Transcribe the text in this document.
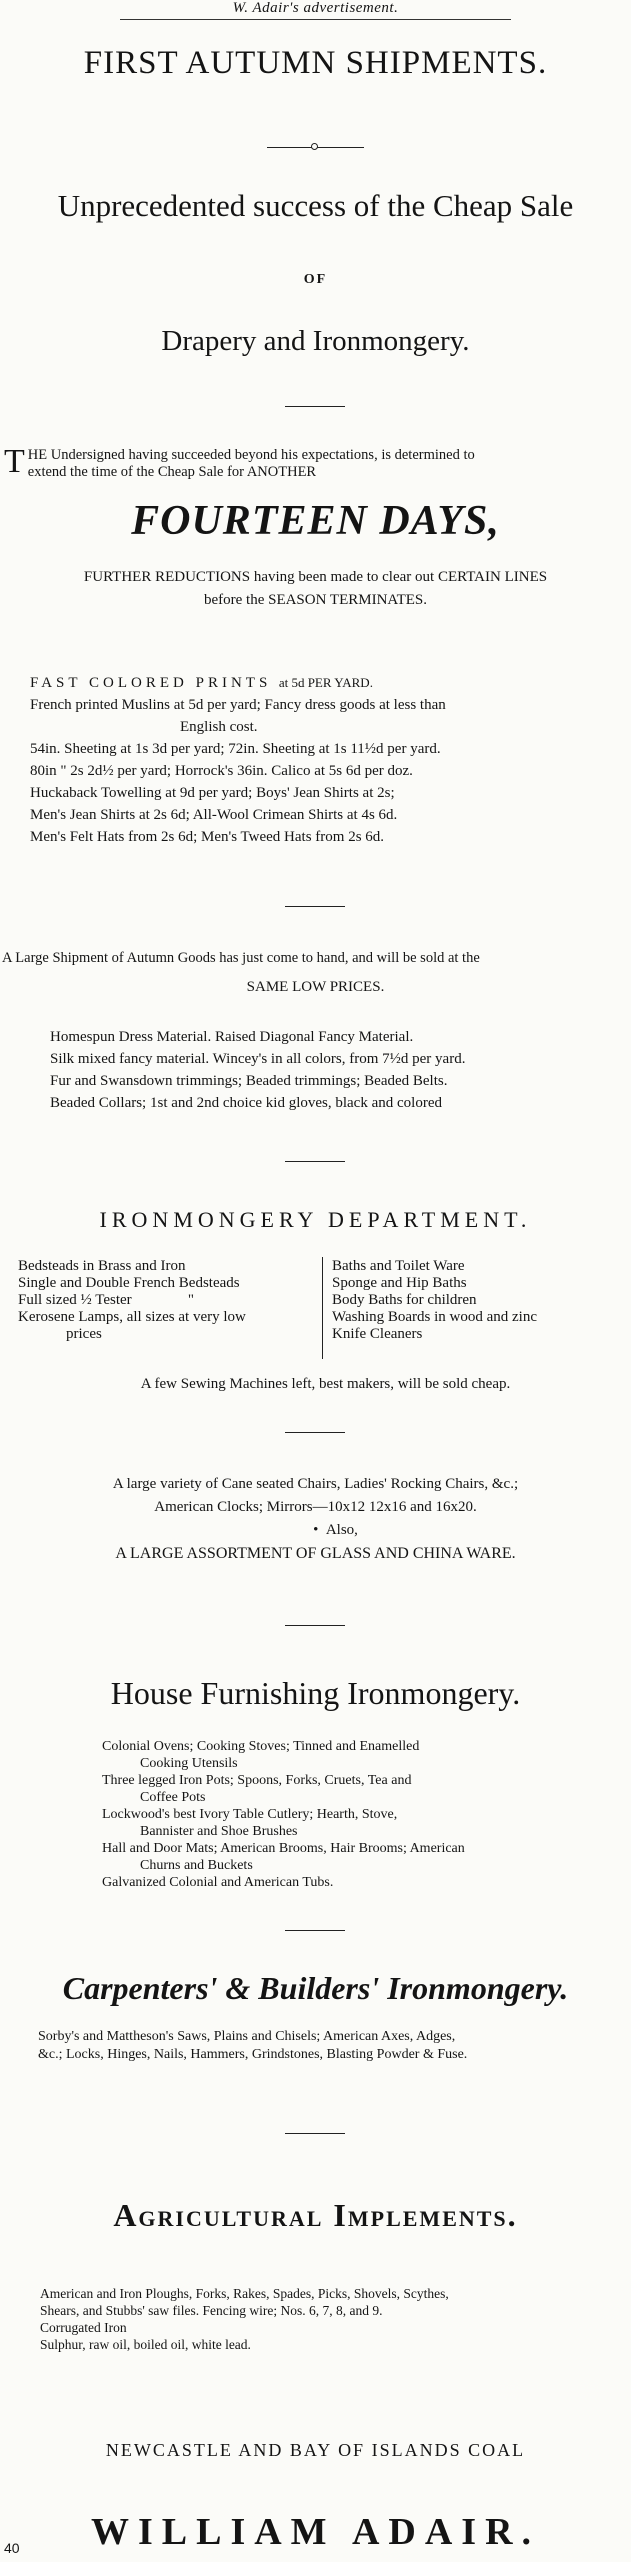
W. Adair's advertisement.
FIRST AUTUMN SHIPMENTS.
Unprecedented success of the Cheap Sale
OF
Drapery and Ironmongery.
T HE Undersigned having succeeded beyond his expectations, is determined to
extend the time of the Cheap Sale for ANOTHER
FOURTEEN DAYS,
FURTHER REDUCTIONS having been made to clear out CERTAIN LINES
before the SEASON TERMINATES.
FAST COLORED PRINTS at 5d PER YARD.
French printed Muslins at 5d per yard; Fancy dress goods at less than
English cost.
54in. Sheeting at 1s 3d per yard; 72in. Sheeting at 1s 11½d per yard.
80in " 2s 2d½ per yard; Horrock's 36in. Calico at 5s 6d per doz.
Huckaback Towelling at 9d per yard; Boys' Jean Shirts at 2s;
Men's Jean Shirts at 2s 6d; All-Wool Crimean Shirts at 4s 6d.
Men's Felt Hats from 2s 6d; Men's Tweed Hats from 2s 6d.
A Large Shipment of Autumn Goods has just come to hand, and will be sold at the
SAME LOW PRICES.
Homespun Dress Material. Raised Diagonal Fancy Material.
Silk mixed fancy material. Wincey's in all colors, from 7½d per yard.
Fur and Swansdown trimmings; Beaded trimmings; Beaded Belts.
Beaded Collars; 1st and 2nd choice kid gloves, black and colored
IRONMONGERY DEPARTMENT.
Bedsteads in Brass and Iron
Single and Double French Bedsteads
Full sized ½ Tester               "
Kerosene Lamps, all sizes at very low
prices
Baths and Toilet Ware
Sponge and Hip Baths
Body Baths for children
Washing Boards in wood and zinc
Knife Cleaners
A few Sewing Machines left, best makers, will be sold cheap.
A large variety of Cane seated Chairs, Ladies' Rocking Chairs, &c.;
American Clocks; Mirrors—10x12 12x16 and 16x20.
•  Also,
A LARGE ASSORTMENT OF GLASS AND CHINA WARE.
House Furnishing Ironmongery.
Colonial Ovens; Cooking Stoves; Tinned and Enamelled
Cooking Utensils
Three legged Iron Pots; Spoons, Forks, Cruets, Tea and
Coffee Pots
Lockwood's best Ivory Table Cutlery; Hearth, Stove,
Bannister and Shoe Brushes
Hall and Door Mats; American Brooms, Hair Brooms; American
Churns and Buckets
Galvanized Colonial and American Tubs.
Carpenters' & Builders' Ironmongery.
Sorby's and Mattheson's Saws, Plains and Chisels; American Axes, Adges,
&c.; Locks, Hinges, Nails, Hammers, Grindstones, Blasting Powder & Fuse.
Agricultural Implements.
American and Iron Ploughs, Forks, Rakes, Spades, Picks, Shovels, Scythes,
Shears, and Stubbs' saw files. Fencing wire; Nos. 6, 7, 8, and 9.
Corrugated Iron
Sulphur, raw oil, boiled oil, white lead.
NEWCASTLE AND BAY OF ISLANDS COAL
WILLIAM ADAIR.
40
